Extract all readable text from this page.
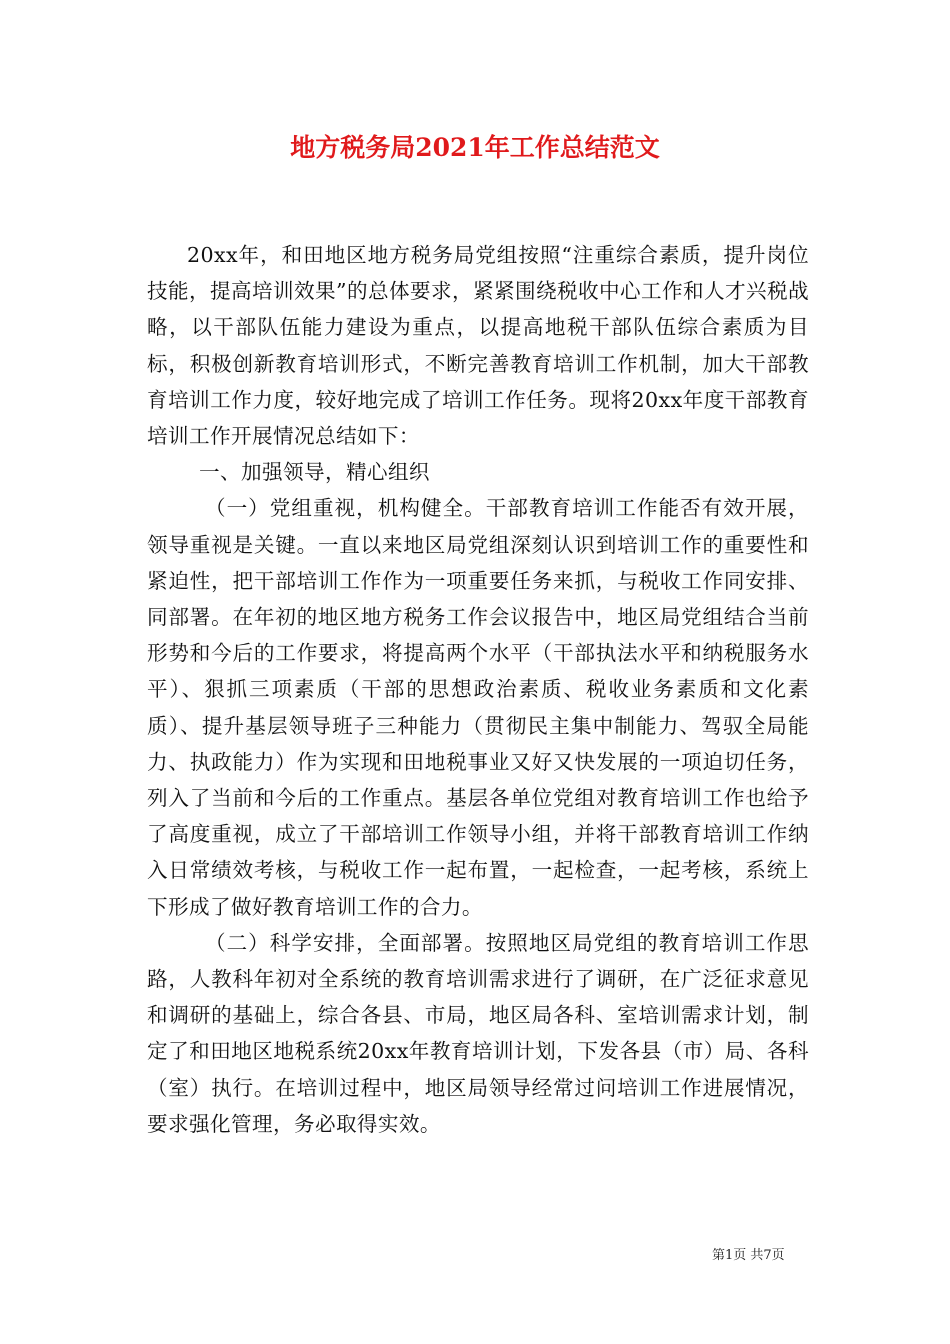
地方税务局2021年工作总结范文

20xx年，和田地区地方税务局党组按照“注重综合素质，提升岗位技能，提高培训效果”的总体要求，紧紧围绕税收中心工作和人才兴税战略，以干部队伍能力建设为重点，以提高地税干部队伍综合素质为目标，积极创新教育培训形式，不断完善教育培训工作机制，加大干部教育培训工作力度，较好地完成了培训工作任务。现将20xx年度干部教育培训工作开展情况总结如下：

一、加强领导，精心组织

（一）党组重视，机构健全。干部教育培训工作能否有效开展，领导重视是关键。一直以来地区局党组深刻认识到培训工作的重要性和紧迫性，把干部培训工作作为一项重要任务来抓，与税收工作同安排、同部署。在年初的地区地方税务工作会议报告中，地区局党组结合当前形势和今后的工作要求，将提高两个水平（干部执法水平和纳税服务水平）、狠抓三项素质（干部的思想政治素质、税收业务素质和文化素质）、提升基层领导班子三种能力（贯彻民主集中制能力、驾驭全局能力、执政能力）作为实现和田地税事业又好又快发展的一项迫切任务，列入了当前和今后的工作重点。基层各单位党组对教育培训工作也给予了高度重视，成立了干部培训工作领导小组，并将干部教育培训工作纳入日常绩效考核，与税收工作一起布置，一起检查，一起考核，系统上下形成了做好教育培训工作的合力。

（二）科学安排，全面部署。按照地区局党组的教育培训工作思路，人教科年初对全系统的教育培训需求进行了调研，在广泛征求意见和调研的基础上，综合各县、市局，地区局各科、室培训需求计划，制定了和田地区地税系统20xx年教育培训计划，下发各县（市）局、各科（室）执行。在培训过程中，地区局领导经常过问培训工作进展情况，要求强化管理，务必取得实效。

第1页 共7页
